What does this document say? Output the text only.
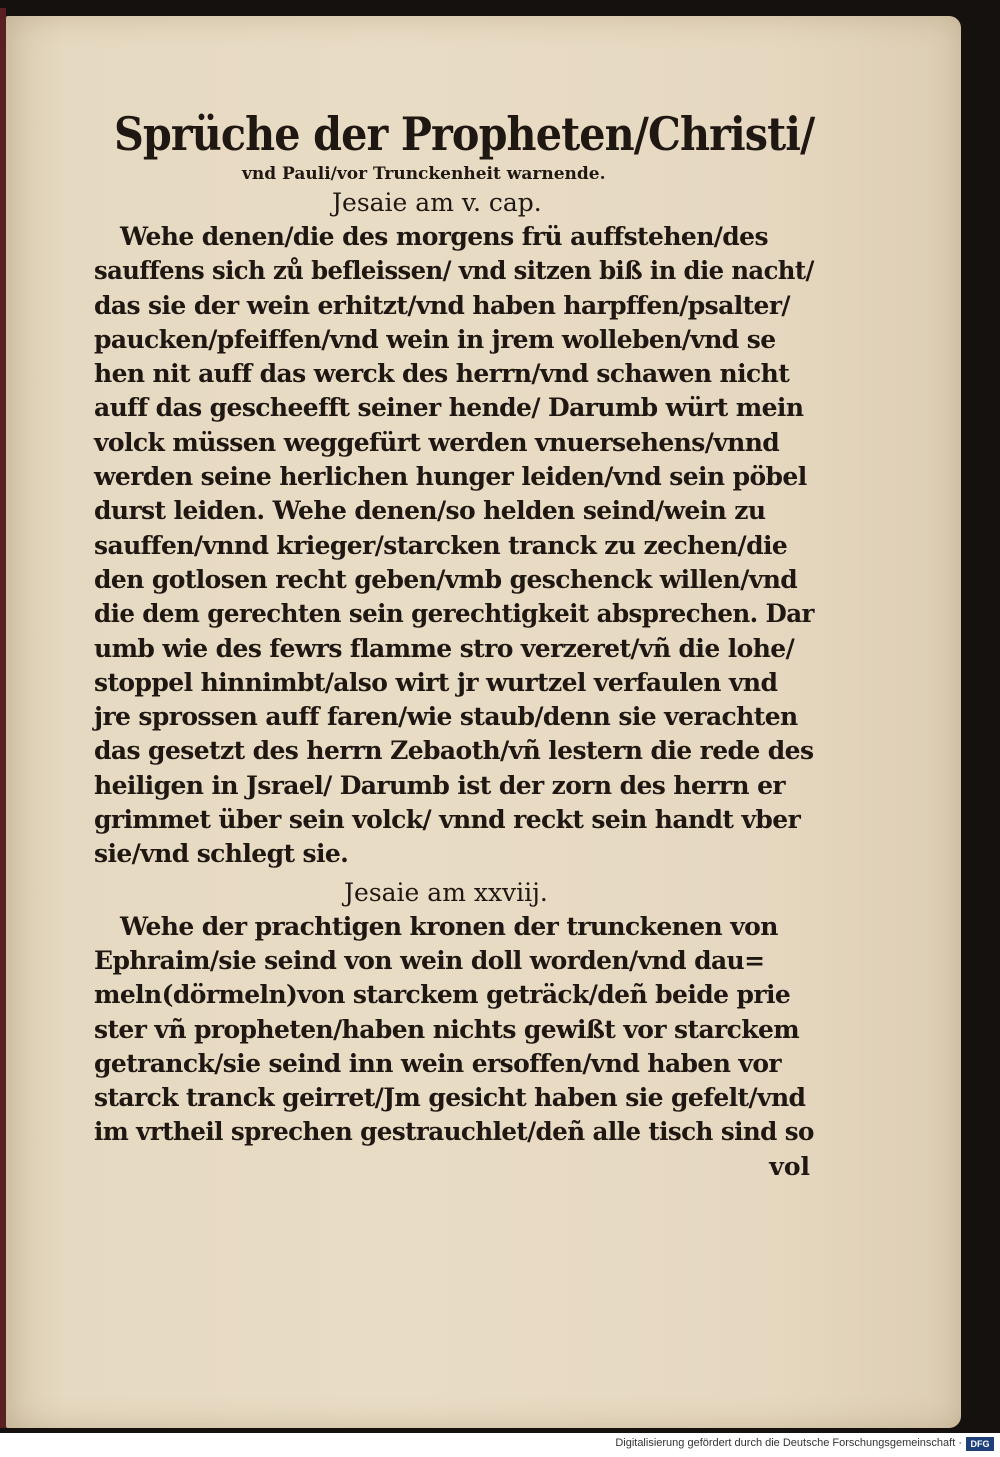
Sprüche der Propheten/Christi/
vnd Pauli/vor Trunckenheit warnende.
Jesaie am v. cap.
Wehe denen/die des morgens frü auffstehen/des
sauffens sich zů befleissen/ vnd sitzen biß in die nacht/
das sie der wein erhitzt/vnd haben harpffen/psalter/
paucken/pfeiffen/vnd wein in jrem wolleben/vnd se
hen nit auff das werck des herrn/vnd schawen nicht
auff das gescheefft seiner hende/ Darumb würt mein
volck müssen weggefürt werden vnuersehens/vnnd
werden seine herlichen hunger leiden/vnd sein pöbel
durst leiden. Wehe denen/so helden seind/wein zu
sauffen/vnnd krieger/starcken tranck zu zechen/die
den gotlosen recht geben/vmb geschenck willen/vnd
die dem gerechten sein gerechtigkeit absprechen. Dar
umb wie des fewrs flamme stro verzeret/vñ die lohe/
stoppel hinnimbt/also wirt jr wurtzel verfaulen vnd
jre sprossen auff faren/wie staub/denn sie verachten
das gesetzt des herrn Zebaoth/vñ lestern die rede des
heiligen in Jsrael/ Darumb ist der zorn des herrn er
grimmet über sein volck/ vnnd reckt sein handt vber
sie/vnd schlegt sie.
Jesaie am xxviij.
Wehe der prachtigen kronen der trunckenen von
Ephraim/sie seind von wein doll worden/vnd dau=
meln(dörmeln)von starckem geträck/deñ beide prie
ster vñ propheten/haben nichts gewißt vor starckem
getranck/sie seind inn wein ersoffen/vnd haben vor
starck tranck geirret/Jm gesicht haben sie gefelt/vnd
im vrtheil sprechen gestrauchlet/deñ alle tisch sind so
vol
Digitalisierung gefördert durch die Deutsche Forschungsgemeinschaft · DFG
